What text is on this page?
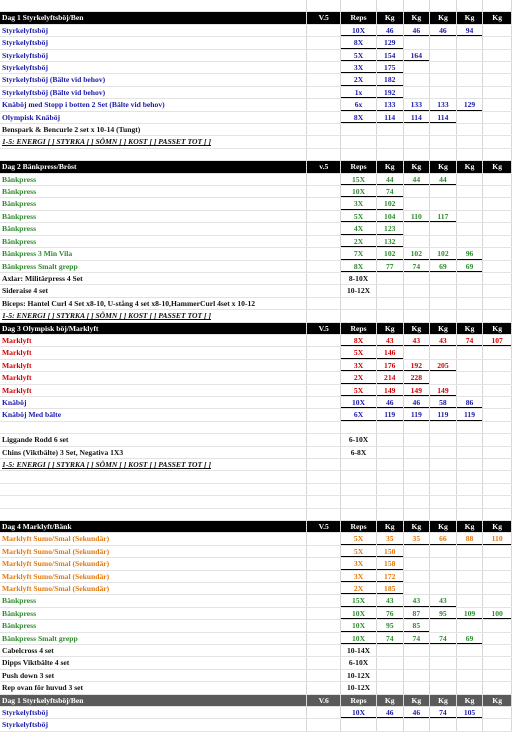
Dag 1 Styrkelyftsböj/Ben	V.5	Reps	Kg	Kg	Kg	Kg	Kg
Styrkelyftsböj		10X	46	46	46	94	
Styrkelyftsböj		8X	129				
Styrkelyftsböj		5X	154	164			
Styrkelyftsböj		3X	175				
Styrkelyftsböj (Bälte vid behov)		2X	182				
Styrkelyftsböj (Bälte vid behov)		1x	192				
Knäböj med Stopp i botten 2 Set (Bälte vid behov)		6x	133	133	133	129	
Olympisk Knäböj		8X	114	114	114		
Benspark & Bencurle 2 set x 10-14 (Tungt)							
1-5: ENERGI [ ] STYRKA [ ] SÖMN [ ] KOST [ ] PASSET TOT [ ]							

Dag 2 Bänkpress/Bröst	v.5	Reps	Kg	Kg	Kg	Kg	Kg
Bänkpress		15X	44	44	44		
Bänkpress		10X	74				
Bänkpress		3X	102				
Bänkpress		5X	104	110	117		
Bänkpress		4X	123				
Bänkpress		2X	132				
Bänkpress 3 Min Vila		7X	102	102	102	96	
Bänkpress Smalt grepp		8X	77	74	69	69	
Axlar: Militärpress 4 Set		8-10X					
Sideraise 4 set		10-12X					
Biceps: Hantel Curl 4 Set x8-10, U-stång 4 set x8-10,HammerCurl 4set x 10-12							
1-5: ENERGI [ ] STYRKA [ ] SÖMN [ ] KOST [ ] PASSET TOT [ ]							
Dag 3 Olympisk böj/Marklyft	V.5	Reps	Kg	Kg	Kg	Kg	Kg
Marklyft		8X	43	43	43	74	107
Marklyft		5X	146				
Marklyft		3X	176	192	205		
Marklyft		2X	214	228			
Marklyft		5X	149	149	149		
Knäböj		10X	46	46	58	86	
Knäböj Med bälte		6X	119	119	119	119	

Liggande Rodd 6 set		6-10X					
Chins (Viktbälte) 3 Set, Negativa 1X3		6-8X					
1-5: ENERGI [ ] STYRKA [ ] SÖMN [ ] KOST [ ] PASSET TOT [ ]							

Dag 4 Marklyft/Bänk	V.5	Reps	Kg	Kg	Kg	Kg	Kg
Marklyft Sumo/Smal (Sekundär)		5X	35	35	66	88	110
Marklyft Sumo/Smal (Sekundär)		5X	150				
Marklyft Sumo/Smal (Sekundär)		3X	158				
Marklyft Sumo/Smal (Sekundär)		3X	172				
Marklyft Sumo/Smal (Sekundär)		2X	185				
Bänkpress		15X	43	43	43		
Bänkpress		10X	76	87	95	109	100
Bänkpress		10X	95	85			
Bänkpress Smalt grepp		10X	74	74	74	69	
Cabelcross 4 set		10-14X					
Dipps Viktbälte 4 set		6-10X					
Push down 3 set		10-12X					
Rep ovan för huvud 3 set		10-12X					
Dag 1 Styrkelyftsböj/Ben	V.6	Reps	Kg	Kg	Kg	Kg	Kg
Styrkelyftsböj		10X	46	46	74	105	
Styrkelyftsböj							
